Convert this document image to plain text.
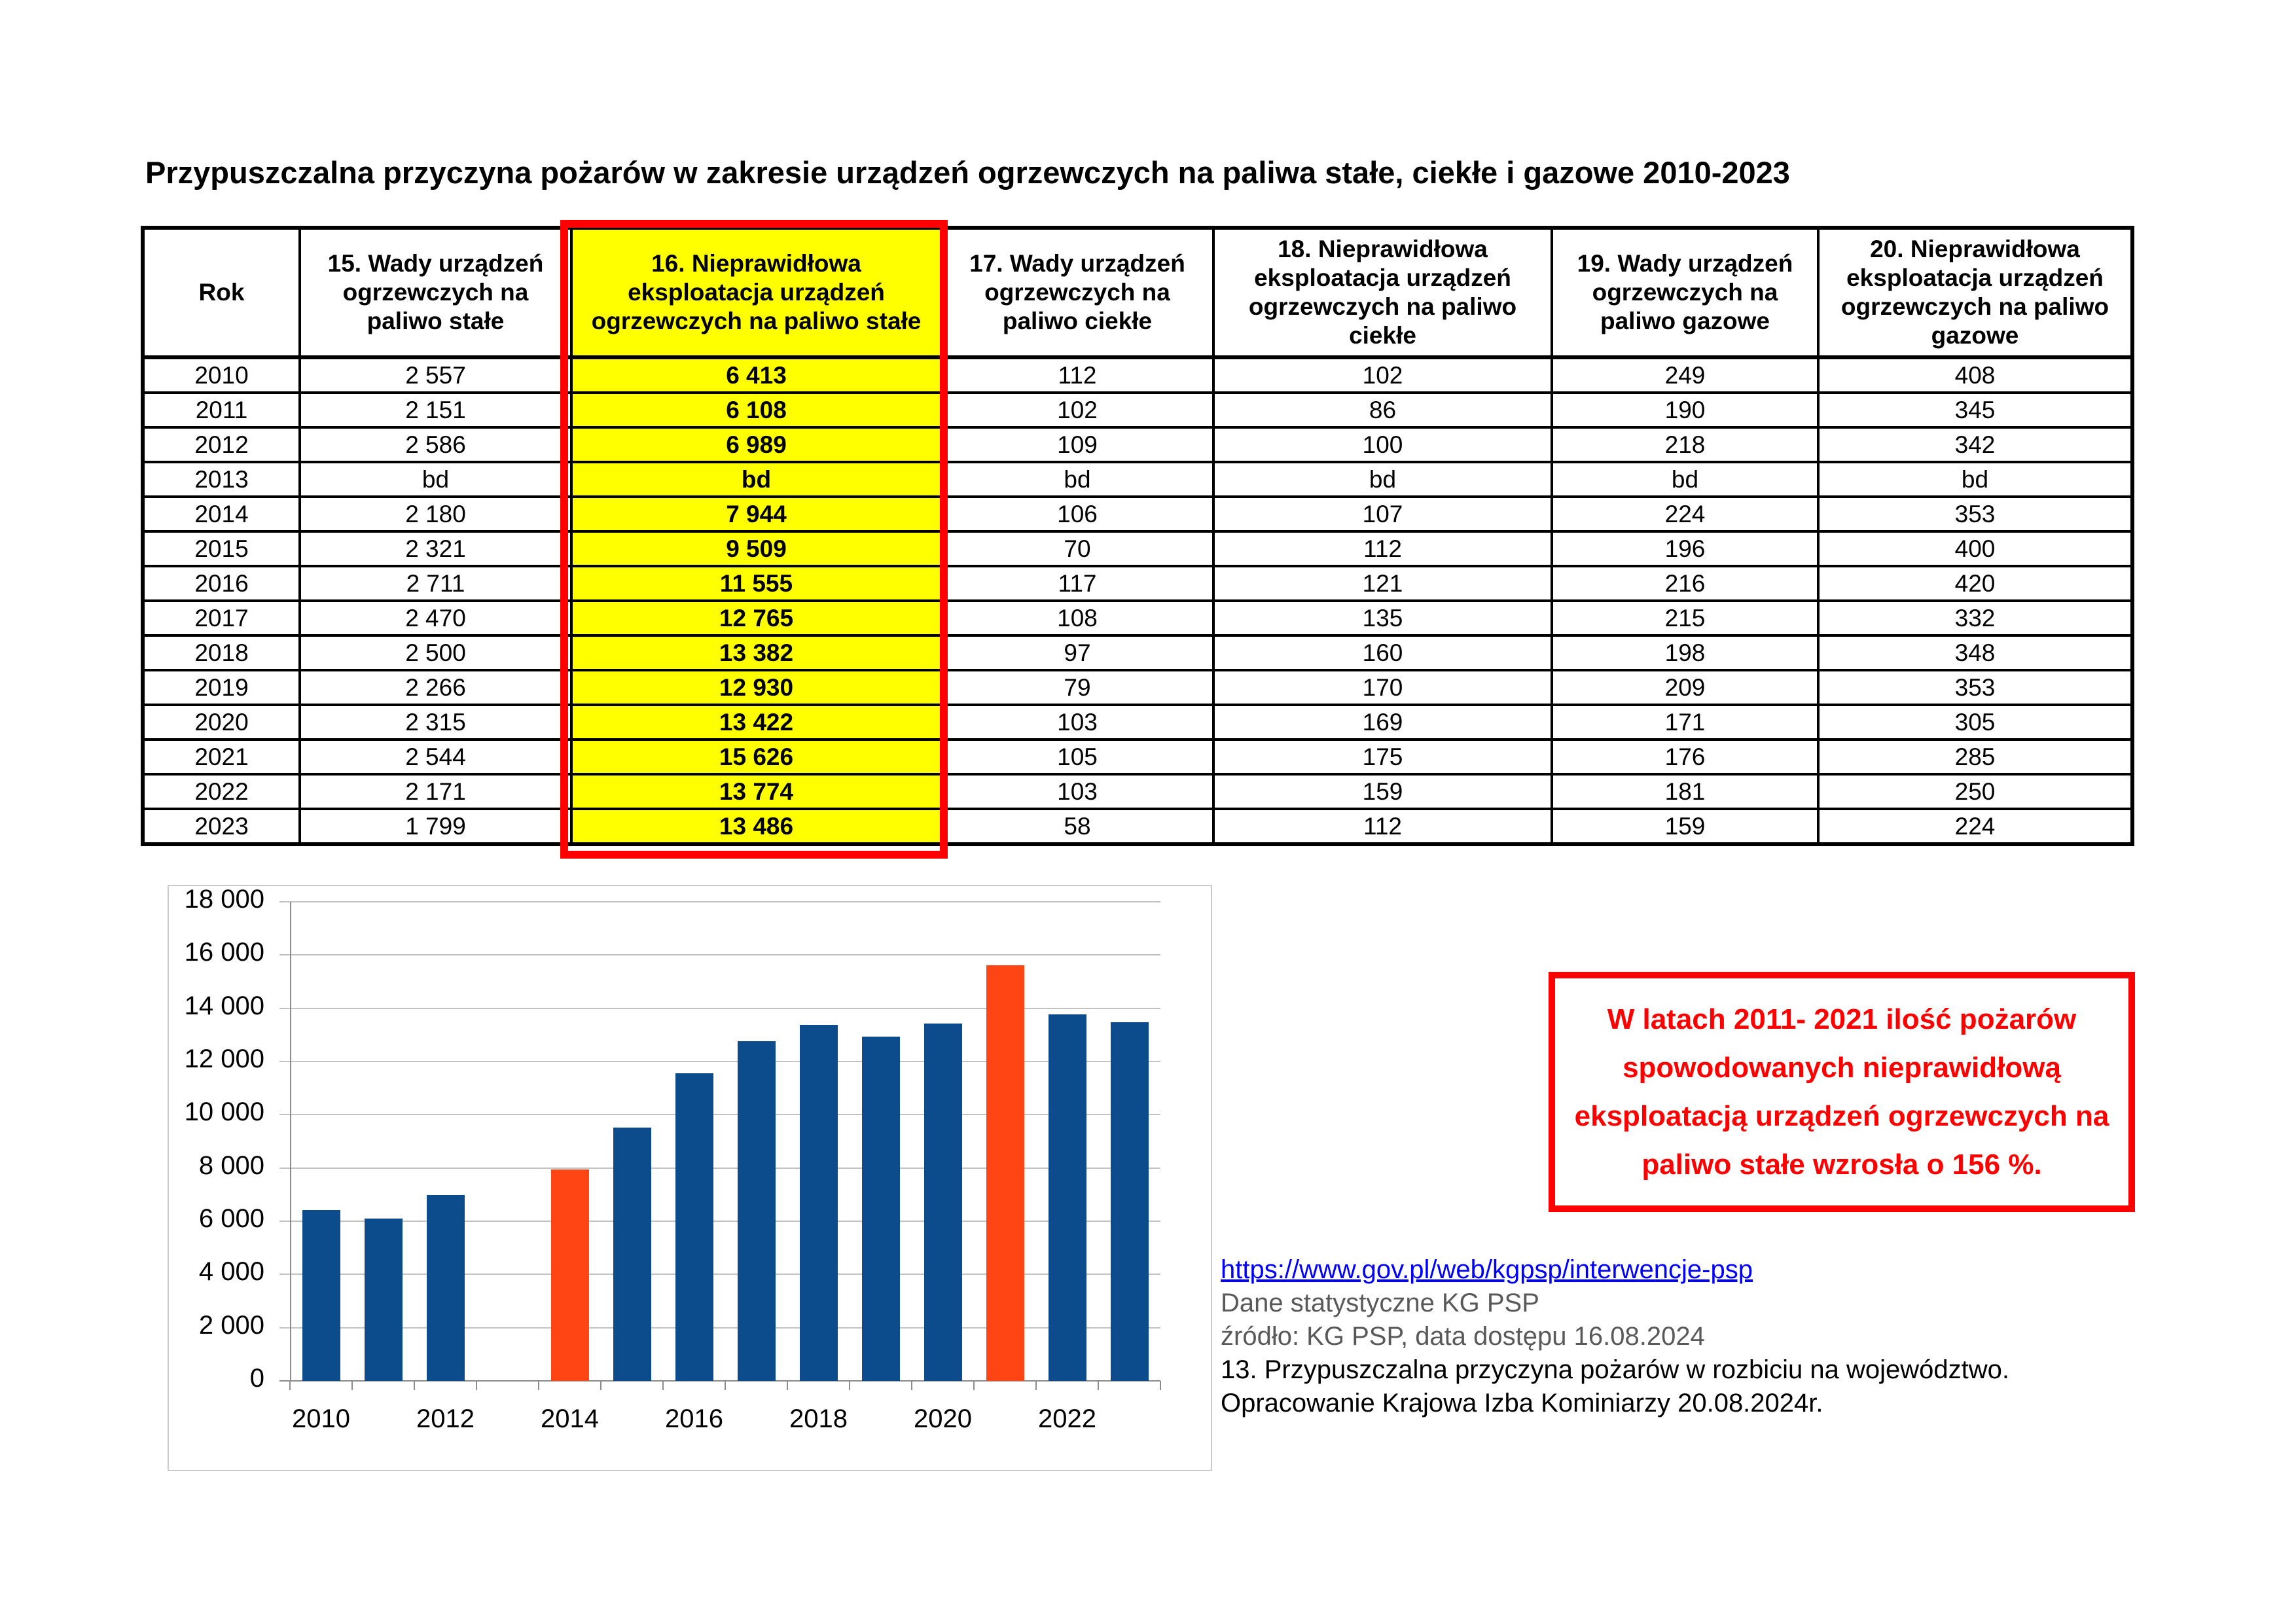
Przypuszczalna przyczyna pożarów w zakresie urządzeń ogrzewczych na paliwa stałe, ciekłe i gazowe 2010-2023
Rok	15. Wady urządzeń ogrzewczych na paliwo stałe	16. Nieprawidłowa eksploatacja urządzeń ogrzewczych na paliwo stałe	17. Wady urządzeń ogrzewczych na paliwo ciekłe	18. Nieprawidłowa eksploatacja urządzeń ogrzewczych na paliwo ciekłe	19. Wady urządzeń ogrzewczych na paliwo gazowe	20. Nieprawidłowa eksploatacja urządzeń ogrzewczych na paliwo gazowe
2010	2 557	6 413	112	102	249	408
2011	2 151	6 108	102	86	190	345
2012	2 586	6 989	109	100	218	342
2013	bd	bd	bd	bd	bd	bd
2014	2 180	7 944	106	107	224	353
2015	2 321	9 509	70	112	196	400
2016	2 711	11 555	117	121	216	420
2017	2 470	12 765	108	135	215	332
2018	2 500	13 382	97	160	198	348
2019	2 266	12 930	79	170	209	353
2020	2 315	13 422	103	169	171	305
2021	2 544	15 626	105	175	176	285
2022	2 171	13 774	103	159	181	250
2023	1 799	13 486	58	112	159	224
0
2 000
4 000
6 000
8 000
10 000
12 000
14 000
16 000
18 000
2010	2012	2014	2016	2018	2020	2022
W latach 2011- 2021 ilość pożarów spowodowanych nieprawidłową eksploatacją urządzeń ogrzewczych na paliwo stałe wzrosła o 156 %.
https://www.gov.pl/web/kgpsp/interwencje-psp
Dane statystyczne KG PSP
źródło: KG PSP, data dostępu 16.08.2024
13. Przypuszczalna przyczyna pożarów w rozbiciu na województwo.
Opracowanie Krajowa Izba Kominiarzy 20.08.2024r.
